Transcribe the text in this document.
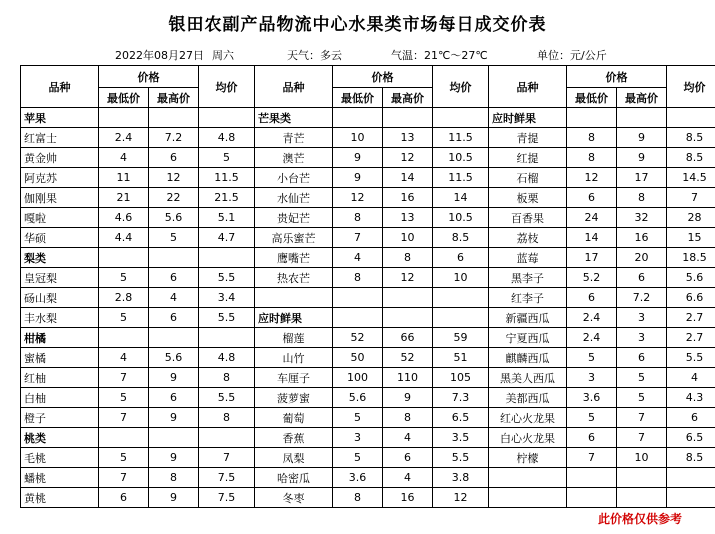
银田农副产品物流中心水果类市场每日成交价表
2022年08月27日 周六	天气：多云	气温：21℃～27℃	单位：元/公斤
品种	价格		均价	品种	价格		均价	品种	价格		均价
	最低价	最高价			最低价	最高价			最低价	最高价	
苹果				芒果类				应时鲜果			
红富士	2.4	7.2	4.8	青芒	10	13	11.5	青提	8	9	8.5
黄金帅	4	6	5	澳芒	9	12	10.5	红提	8	9	8.5
阿克苏	11	12	11.5	小台芒	9	14	11.5	石榴	12	17	14.5
伽刚果	21	22	21.5	水仙芒	12	16	14	板栗	6	8	7
嘎啦	4.6	5.6	5.1	贵妃芒	8	13	10.5	百香果	24	32	28
华硕	4.4	5	4.7	高乐蜜芒	7	10	8.5	荔枝	14	16	15
梨类				鹰嘴芒	4	8	6	蓝莓	17	20	18.5
皇冠梨	5	6	5.5	热农芒	8	12	10	黑李子	5.2	6	5.6
砀山梨	2.8	4	3.4					红李子	6	7.2	6.6
丰水梨	5	6	5.5	应时鲜果				新疆西瓜	2.4	3	2.7
柑橘				榴莲	52	66	59	宁夏西瓜	2.4	3	2.7
蜜橘	4	5.6	4.8	山竹	50	52	51	麒麟西瓜	5	6	5.5
红柚	7	9	8	车厘子	100	110	105	黑美人西瓜	3	5	4
白柚	5	6	5.5	菠萝蜜	5.6	9	7.3	美都西瓜	3.6	5	4.3
橙子	7	9	8	葡萄	5	8	6.5	红心火龙果	5	7	6
桃类				香蕉	3	4	3.5	白心火龙果	6	7	6.5
毛桃	5	9	7	凤梨	5	6	5.5	柠檬	7	10	8.5
蟠桃	7	8	7.5	哈密瓜	3.6	4	3.8				
黄桃	6	9	7.5	冬枣	8	16	12				
此价格仅供参考
